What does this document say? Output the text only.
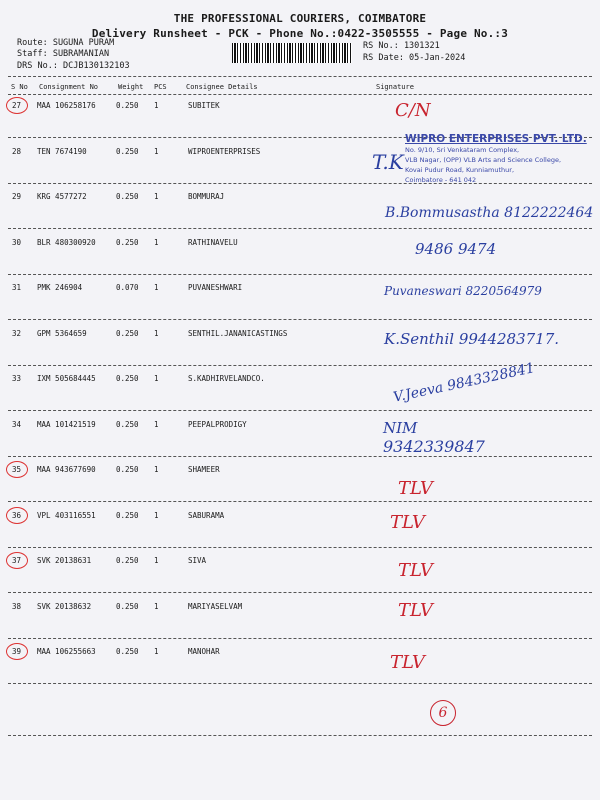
THE PROFESSIONAL COURIERS, COIMBATORE
Delivery Runsheet - PCK - Phone No.:0422-3505555 - Page No.:3
Route: SUGUNA PURAM
Staff: SUBRAMANIAN
DRS No.: DCJB130132103
RS No.: 1301321
RS Date: 05-Jan-2024
S No Consignment No	Weight PCS	Consignee Details	Signature
27 MAA 106258176	0.250 1	SUBITEK
28 TEN 7674190	0.250 1	WIPROENTERPRISES
29 KRG 4577272	0.250 1	BOMMURAJ
30 BLR 480300920	0.250 1	RATHINAVELU
31 PMK 246904	0.070 1	PUVANESHWARI
32 GPM 5364659	0.250 1	SENTHIL.JANANICASTINGS
33 IXM 505684445	0.250 1	S.KADHIRVELANDCO.
34 MAA 101421519	0.250 1	PEEPALPRODIGY
35 MAA 943677690	0.250 1	SHAMEER
36 VPL 403116551	0.250 1	SABURAMA
37 SVK 20138631	0.250 1	SIVA
38 SVK 20138632	0.250 1	MARIYASELVAM
39 MAA 106255663	0.250 1	MANOHAR
WIPRO ENTERPRISES PVT. LTD.
No. 9/10, Sri Venkataram Complex,
VLB Nagar, (OPP) VLB Arts and Science College,
Kovai Pudur Road, Kunniamuthur,
Coimbatore - 641 042
C/N
T.K
B.Bommusastha 8122222464
9486 9474
Puvaneswari 8220564979
K.Senthil 9944283717.
V.Jeeva 9843328841
NIM
9342339847
TLV
TLV
TLV
TLV
TLV
6
